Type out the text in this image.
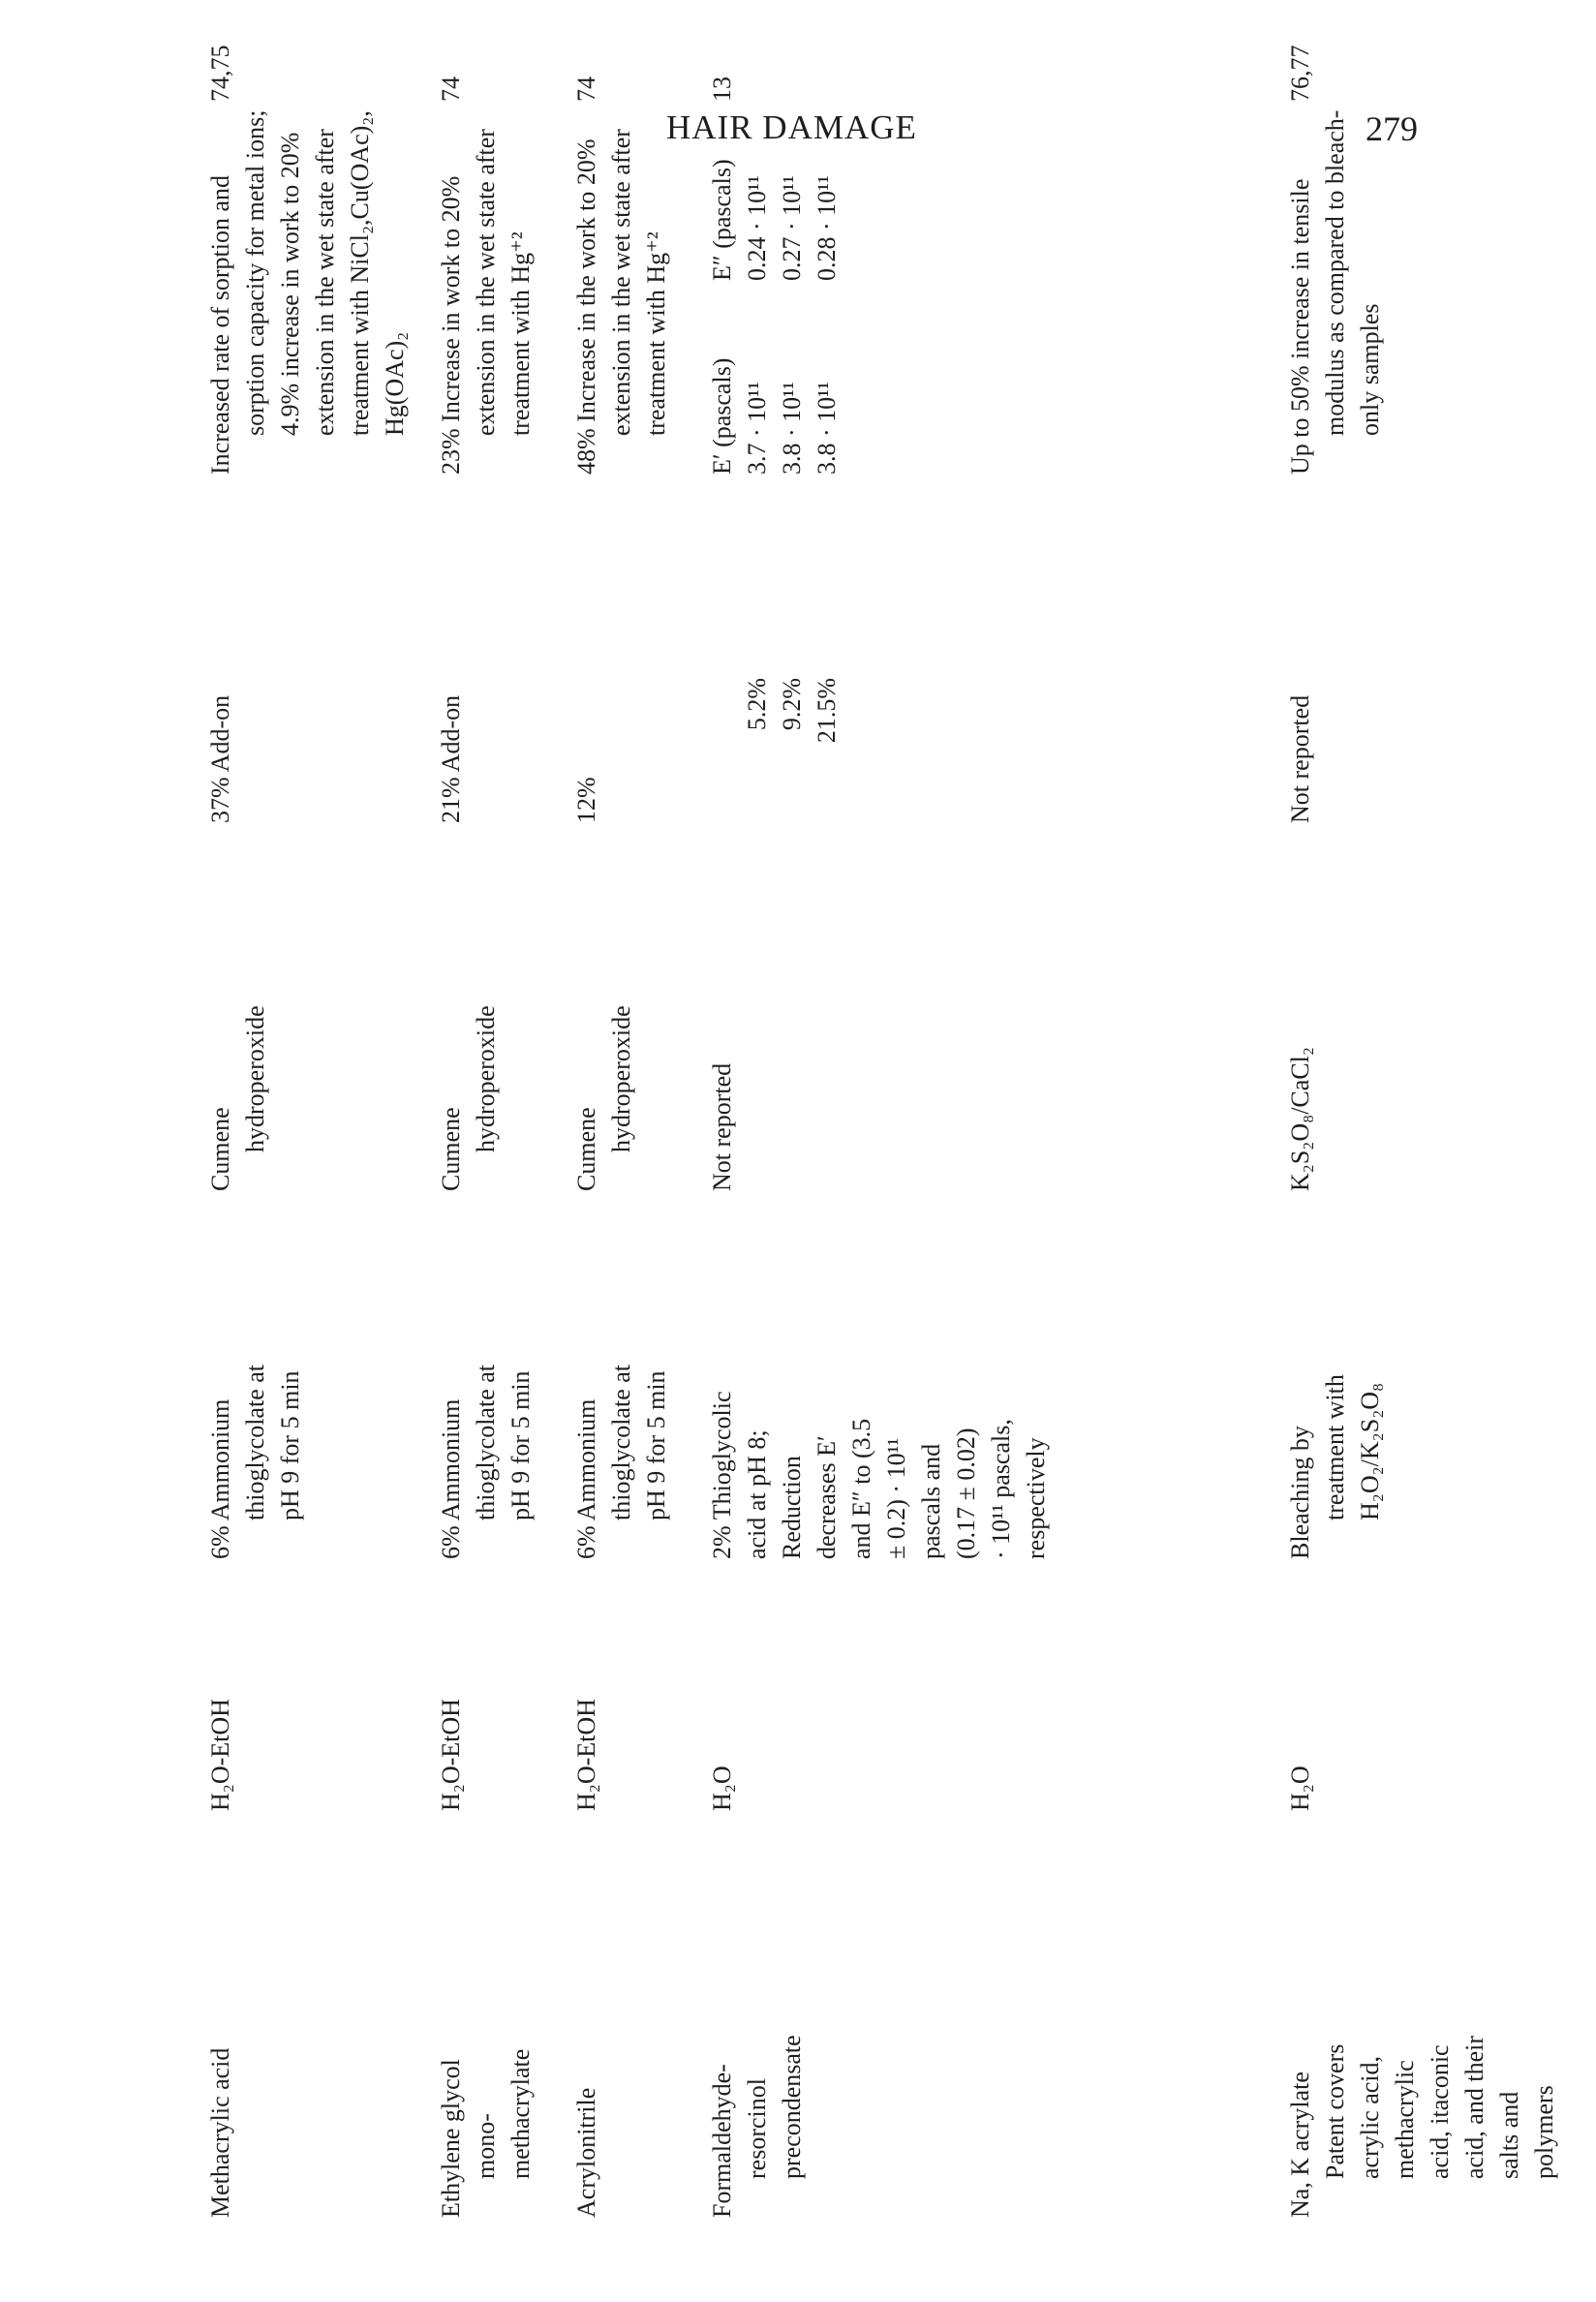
HAIR DAMAGE	279
Methacrylic acid
H₂O-EtOH
6% Ammonium thioglycolate at pH 9 for 5 min
Cumene hydroperoxide
37% Add-on
Increased rate of sorption and sorption capacity for metal ions; 4.9% increase in work to 20% extension in the wet state after treatment with NiCl₂,Cu(OAc)₂, Hg(OAc)₂
74,75
Ethylene glycol mono- methacrylate
H₂O-EtOH
6% Ammonium thioglycolate at pH 9 for 5 min
Cumene hydroperoxide
21% Add-on
23% Increase in work to 20% extension in the wet state after treatment with Hg⁺²
74
Acrylonitrile
H₂O-EtOH
6% Ammonium thioglycolate at pH 9 for 5 min
Cumene hydroperoxide
12%
48% Increase in the work to 20% extension in the wet state after treatment with Hg⁺²
74
Formaldehyde- resorcinol precondensate
H₂O
2% Thioglycolic acid at pH 8; Reduction decreases E′ and E″ to (3.5 ± 0.2) · 10¹¹ pascals and (0.17 ± 0.02) · 10¹¹ pascals, respectively
Not reported
5.2% 9.2% 21.5%
E′ (pascals) 3.7 · 10¹¹ 3.8 · 10¹¹ 3.8 · 10¹¹
E″ (pascals) 0.24 · 10¹¹ 0.27 · 10¹¹ 0.28 · 10¹¹
13
Na, K acrylate Patent covers acrylic acid, methacrylic acid, itaconic acid, and their salts and polymers
H₂O
Bleaching by treatment with H₂O₂/K₂S₂O₈
K₂S₂O₈/CaCl₂
Not reported
Up to 50% increase in tensile modulus as compared to bleach- only samples
76,77
